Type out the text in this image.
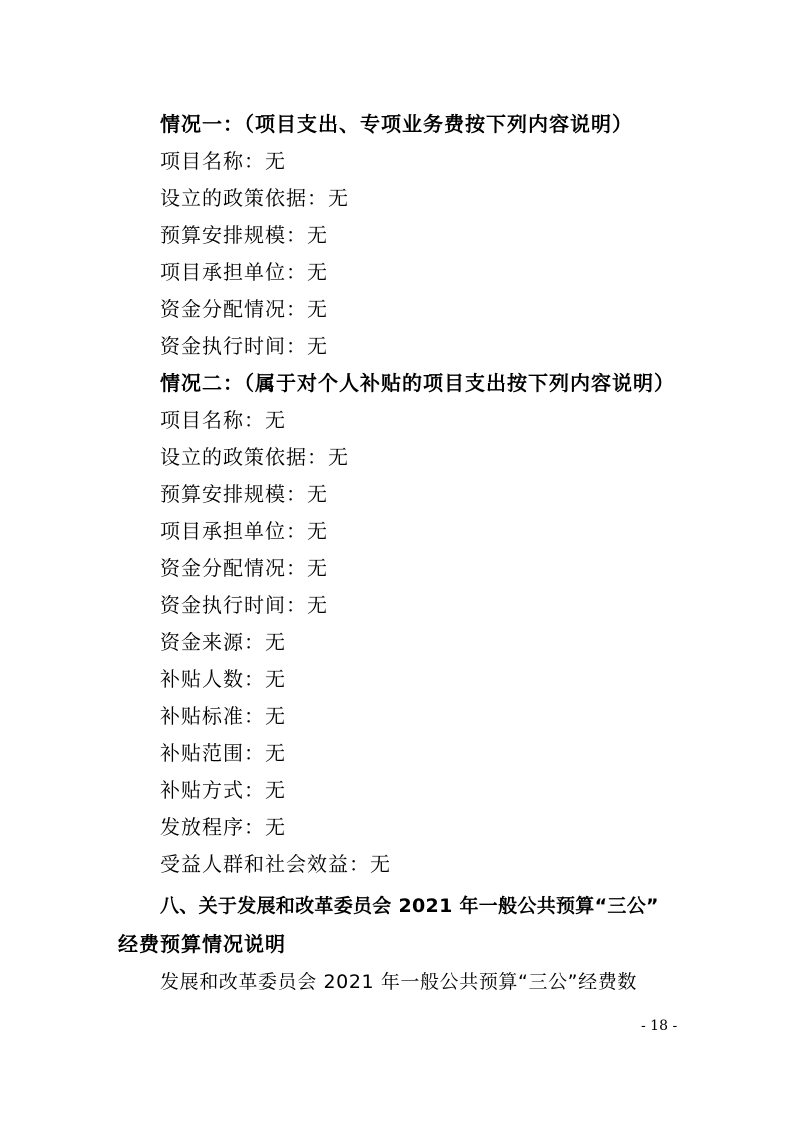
情况一：（项目支出、专项业务费按下列内容说明）
项目名称：无
设立的政策依据：无
预算安排规模：无
项目承担单位：无
资金分配情况：无
资金执行时间：无
情况二：（属于对个人补贴的项目支出按下列内容说明）
项目名称：无
设立的政策依据：无
预算安排规模：无
项目承担单位：无
资金分配情况：无
资金执行时间：无
资金来源：无
补贴人数：无
补贴标准：无
补贴范围：无
补贴方式：无
发放程序：无
受益人群和社会效益：无
八、关于发展和改革委员会 2021 年一般公共预算“三公”
经费预算情况说明
发展和改革委员会 2021 年一般公共预算“三公”经费数
- 18 -
